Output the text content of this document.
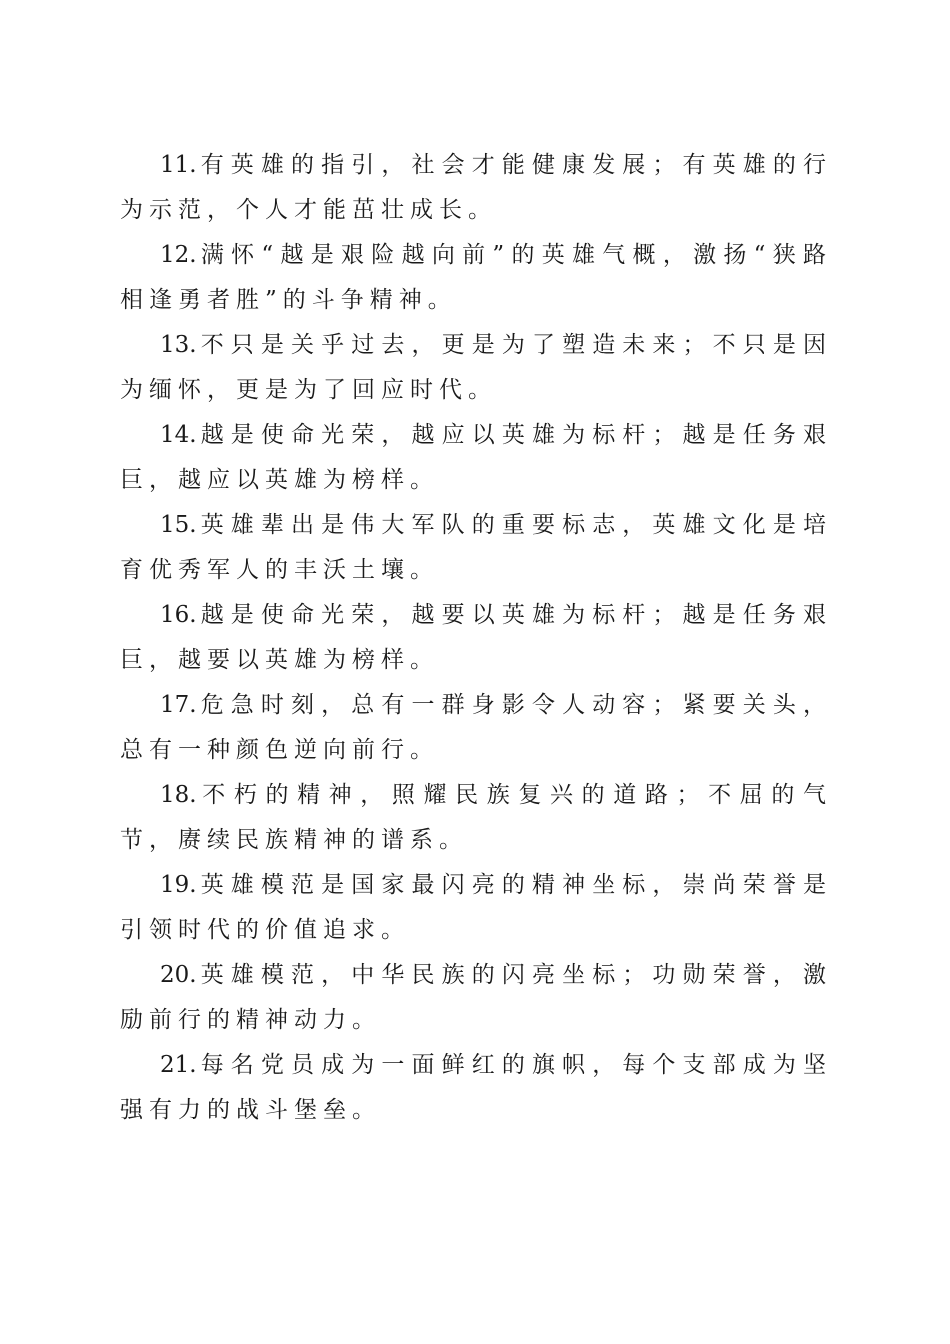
11. 有英雄的指引，社会才能健康发展；有英雄的行为示范，个人才能茁壮成长。

12. 满怀“越是艰险越向前”的英雄气概，激扬“狭路相逢勇者胜”的斗争精神。

13. 不只是关乎过去，更是为了塑造未来；不只是因为缅怀，更是为了回应时代。

14. 越是使命光荣，越应以英雄为标杆；越是任务艰巨，越应以英雄为榜样。

15. 英雄辈出是伟大军队的重要标志，英雄文化是培育优秀军人的丰沃土壤。

16. 越是使命光荣，越要以英雄为标杆；越是任务艰巨，越要以英雄为榜样。

17. 危急时刻，总有一群身影令人动容；紧要关头，总有一种颜色逆向前行。

18. 不朽的精神，照耀民族复兴的道路；不屈的气节，赓续民族精神的谱系。

19. 英雄模范是国家最闪亮的精神坐标，崇尚荣誉是引领时代的价值追求。

20. 英雄模范，中华民族的闪亮坐标；功勋荣誉，激励前行的精神动力。

21. 每名党员成为一面鲜红的旗帜，每个支部成为坚强有力的战斗堡垒。
